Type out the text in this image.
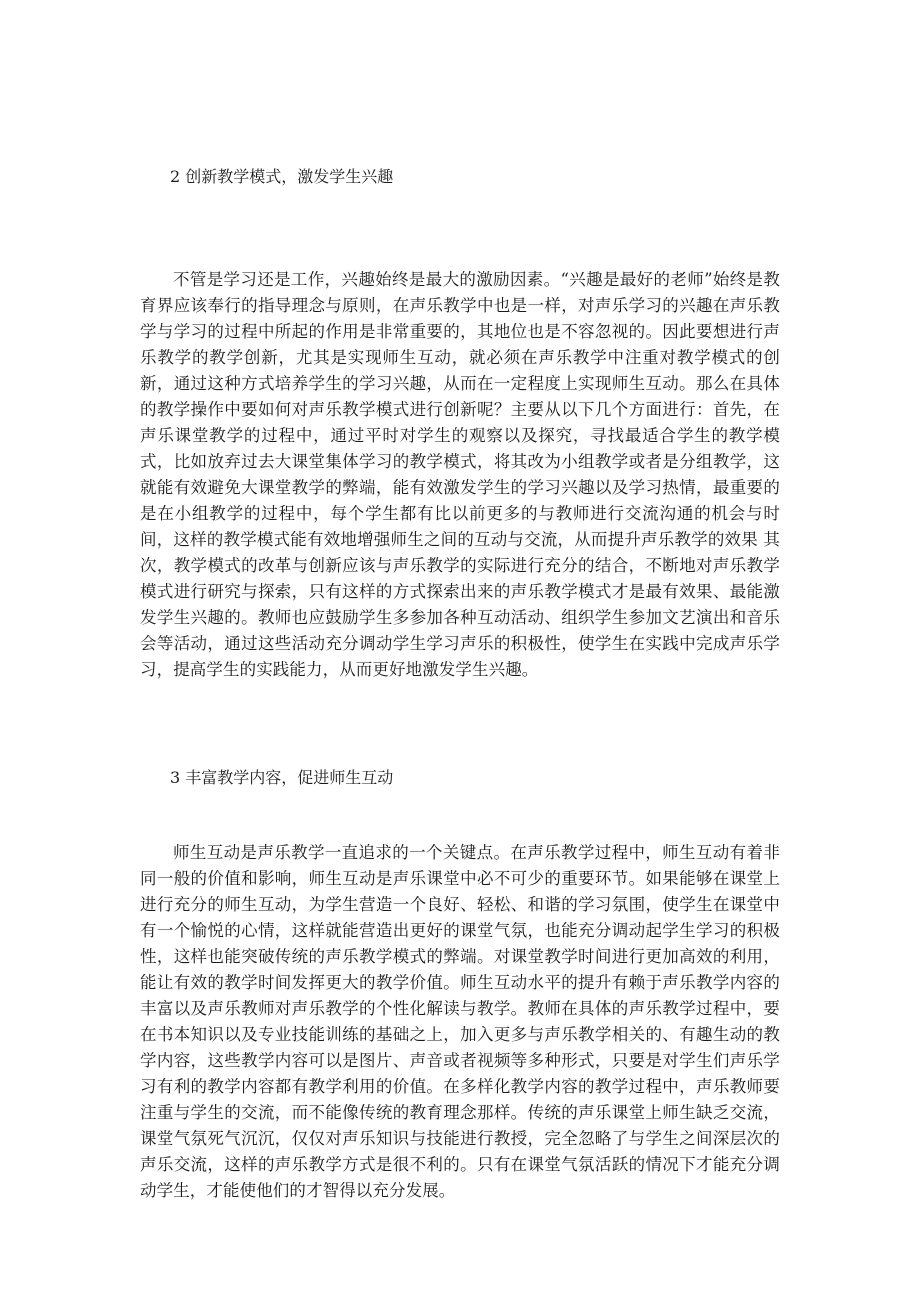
2 创新教学模式，激发学生兴趣
不管是学习还是工作，兴趣始终是最大的激励因素。“兴趣是最好的老师”始终是教育界应该奉行的指导理念与原则，在声乐教学中也是一样，对声乐学习的兴趣在声乐教学与学习的过程中所起的作用是非常重要的，其地位也是不容忽视的。因此要想进行声乐教学的教学创新，尤其是实现师生互动，就必须在声乐教学中注重对教学模式的创新，通过这种方式培养学生的学习兴趣，从而在一定程度上实现师生互动。那么在具体的教学操作中要如何对声乐教学模式进行创新呢？主要从以下几个方面进行：首先，在声乐课堂教学的过程中，通过平时对学生的观察以及探究，寻找最适合学生的教学模式，比如放弃过去大课堂集体学习的教学模式，将其改为小组教学或者是分组教学，这就能有效避免大课堂教学的弊端，能有效激发学生的学习兴趣以及学习热情，最重要的是在小组教学的过程中，每个学生都有比以前更多的与教师进行交流沟通的机会与时间，这样的教学模式能有效地增强师生之间的互动与交流，从而提升声乐教学的效果 其次，教学模式的改革与创新应该与声乐教学的实际进行充分的结合，不断地对声乐教学模式进行研究与探索，只有这样的方式探索出来的声乐教学模式才是最有效果、最能激发学生兴趣的。教师也应鼓励学生多参加各种互动活动、组织学生参加文艺演出和音乐会等活动，通过这些活动充分调动学生学习声乐的积极性，使学生在实践中完成声乐学习，提高学生的实践能力，从而更好地激发学生兴趣。
3 丰富教学内容，促进师生互动
师生互动是声乐教学一直追求的一个关键点。在声乐教学过程中，师生互动有着非同一般的价值和影响，师生互动是声乐课堂中必不可少的重要环节。如果能够在课堂上进行充分的师生互动，为学生营造一个良好、轻松、和谐的学习氛围，使学生在课堂中有一个愉悦的心情，这样就能营造出更好的课堂气氛，也能充分调动起学生学习的积极性，这样也能突破传统的声乐教学模式的弊端。对课堂教学时间进行更加高效的利用，能让有效的教学时间发挥更大的教学价值。师生互动水平的提升有赖于声乐教学内容的丰富以及声乐教师对声乐教学的个性化解读与教学。教师在具体的声乐教学过程中，要在书本知识以及专业技能训练的基础之上，加入更多与声乐教学相关的、有趣生动的教学内容，这些教学内容可以是图片、声音或者视频等多种形式，只要是对学生们声乐学习有利的教学内容都有教学利用的价值。在多样化教学内容的教学过程中，声乐教师要注重与学生的交流，而不能像传统的教育理念那样。传统的声乐课堂上师生缺乏交流，课堂气氛死气沉沉，仅仅对声乐知识与技能进行教授，完全忽略了与学生之间深层次的声乐交流，这样的声乐教学方式是很不利的。只有在课堂气氛活跃的情况下才能充分调动学生，才能使他们的才智得以充分发展。
